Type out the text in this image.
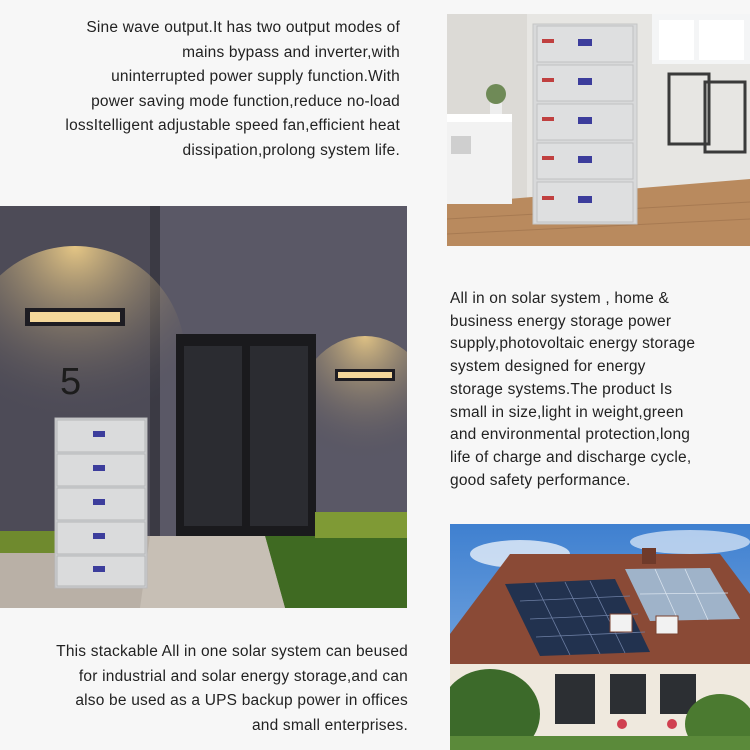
Sine wave output.It has two output modes of
mains bypass and inverter,with
uninterrupted power supply function.With
power saving mode function,reduce no-load
lossItelligent adjustable speed fan,efficient heat
dissipation,prolong system life.
5
All in on solar system , home &
business energy storage power
supply,photovoltaic energy storage
system designed for energy
storage systems.The product Is
small in size,light in weight,green
and environmental protection,long
life of charge and discharge cycle,
good safety performance.
This stackable All in one solar system can beused
for industrial and solar energy storage,and can
also be used as a UPS backup power in offices
and small enterprises.
